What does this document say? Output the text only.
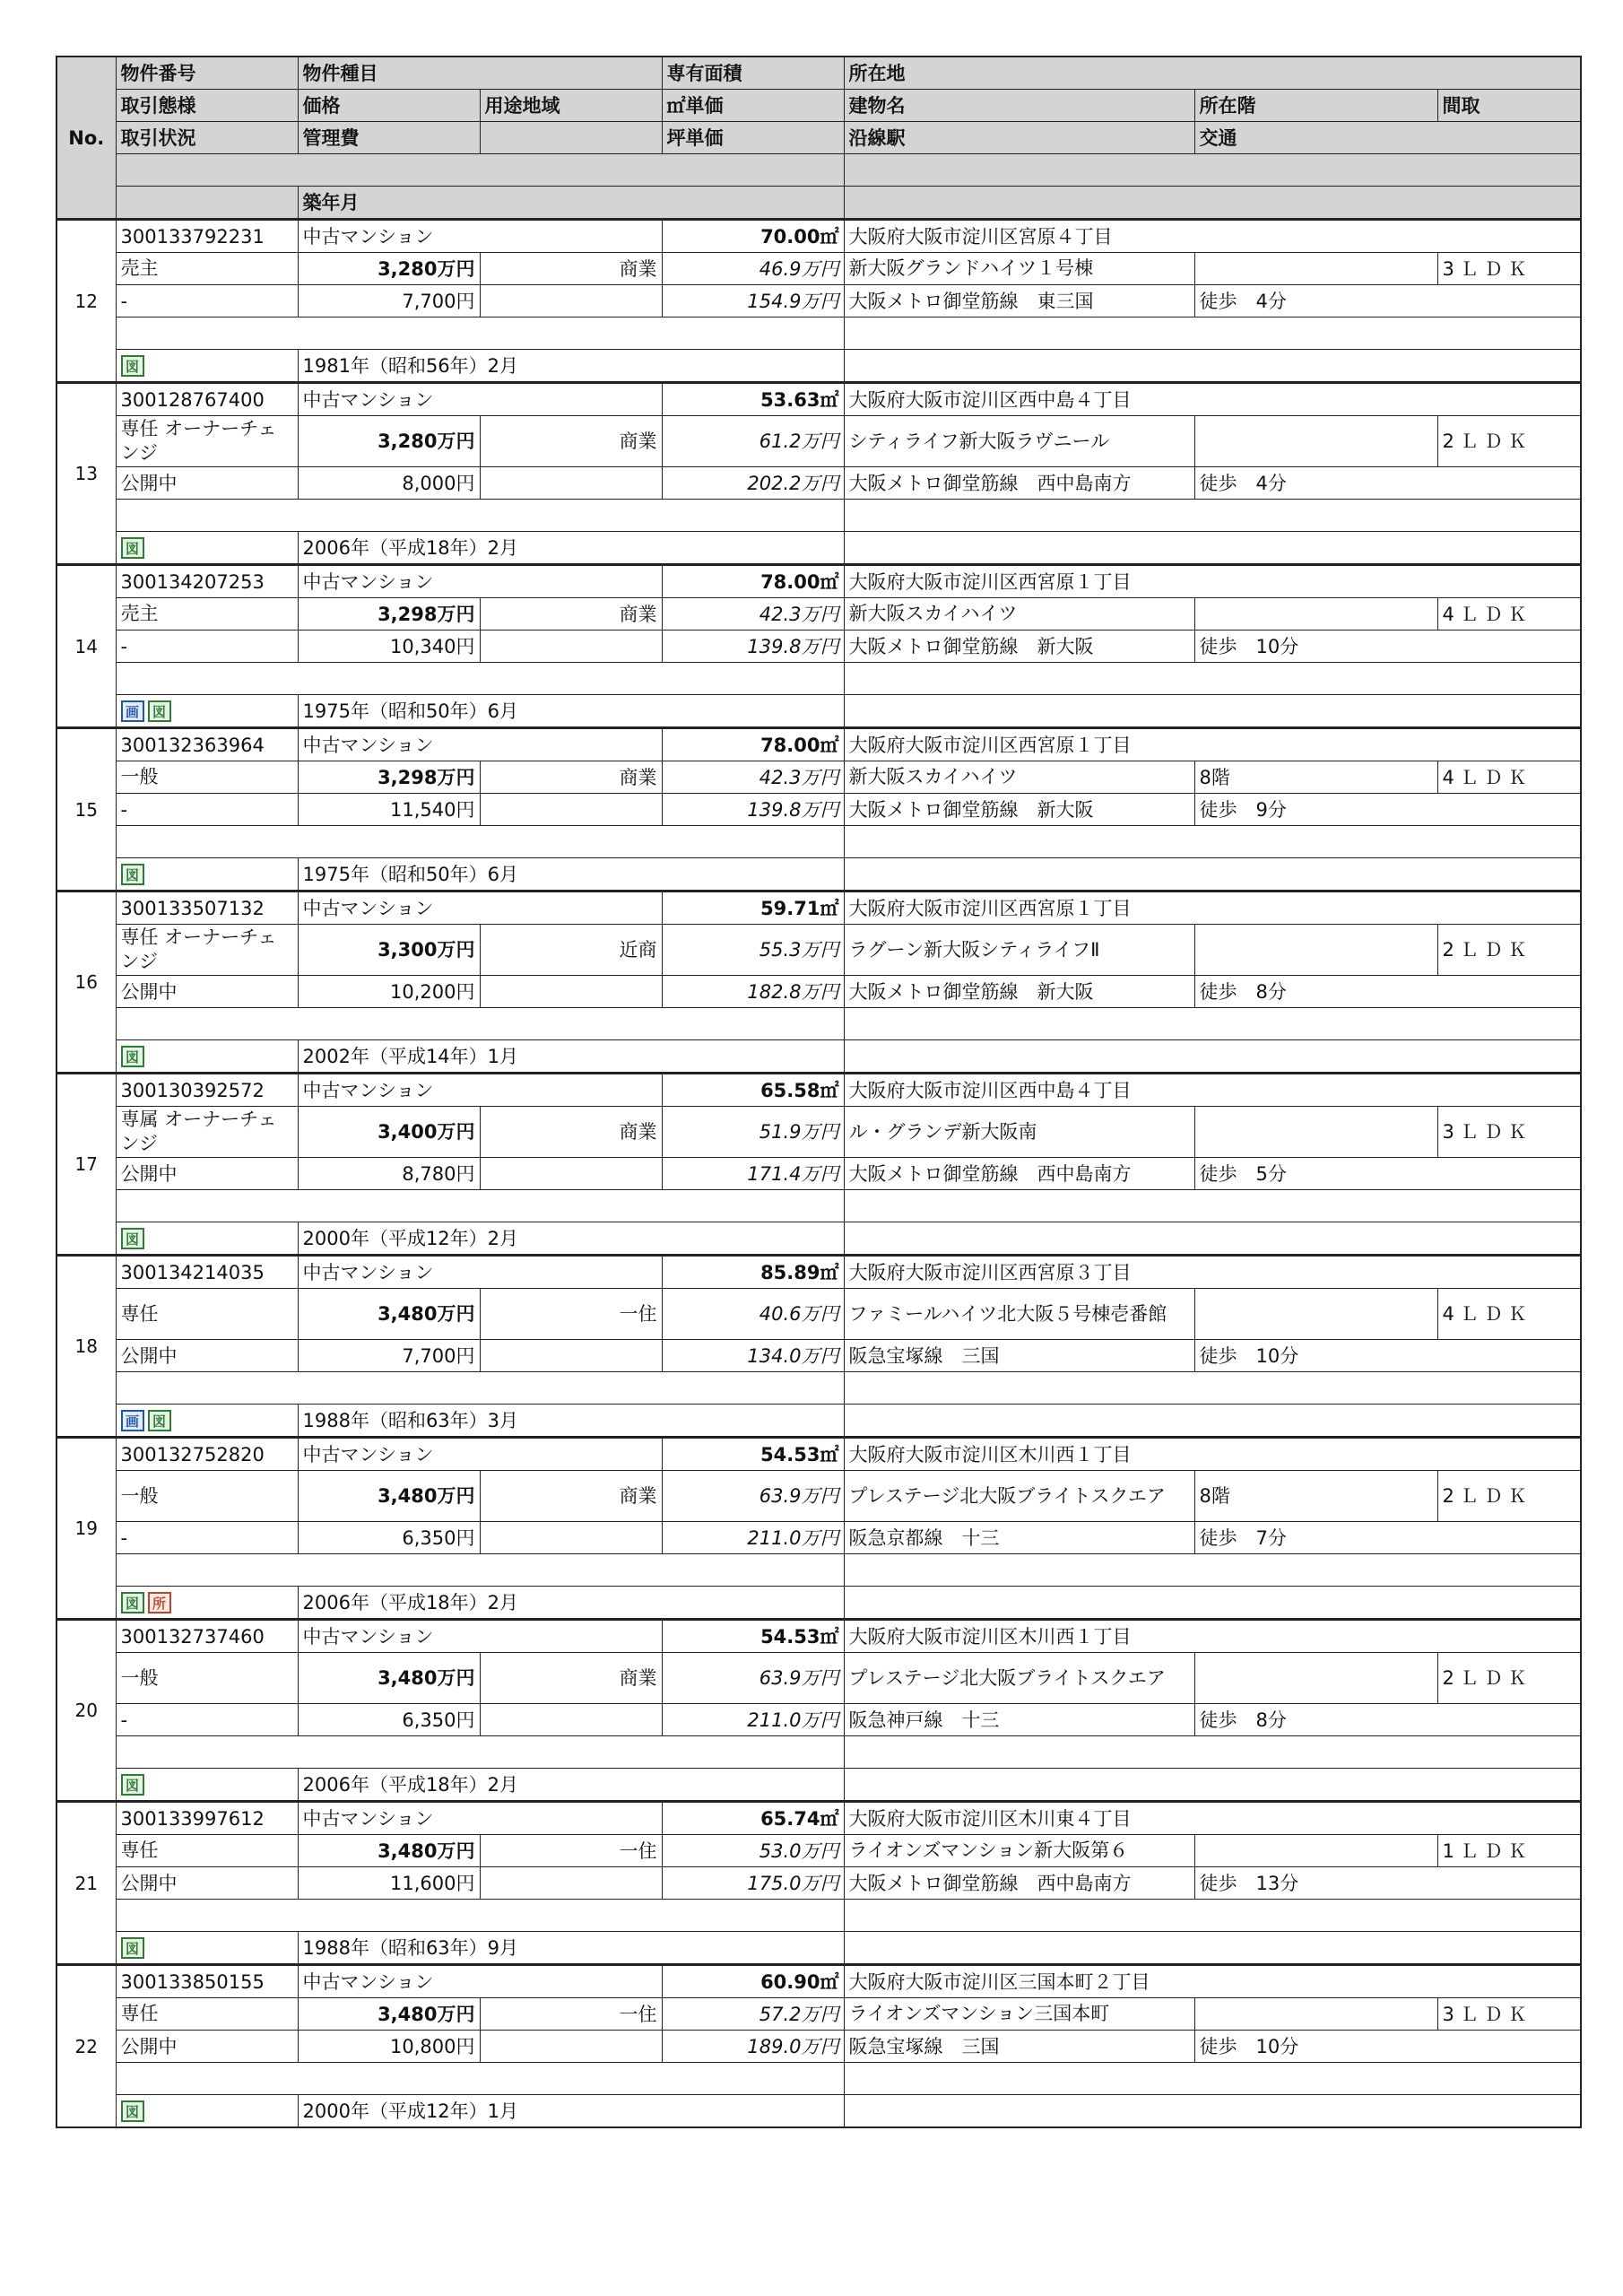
No.	物件番号	物件種目		専有面積	所在地		
	取引態様	価格	用途地域	㎡単価	建物名	所在階	間取
	取引状況	管理費		坪単価	沿線駅	交通	

		築年月					
12	300133792231	中古マンション		70.00㎡	大阪府大阪市淀川区宮原４丁目		
	売主	3,280万円	商業	46.9万円	新大阪グランドハイツ１号棟		3ＬＤＫ
	-	7,700円		154.9万円	大阪メトロ御堂筋線　東三国	徒歩　4分	

	図	1981年（昭和56年）2月					
13	300128767400	中古マンション		53.63㎡	大阪府大阪市淀川区西中島４丁目		
	専任 オーナーチェンジ	3,280万円	商業	61.2万円	シティライフ新大阪ラヴニール		2ＬＤＫ
	公開中	8,000円		202.2万円	大阪メトロ御堂筋線　西中島南方	徒歩　4分	

	図	2006年（平成18年）2月					
14	300134207253	中古マンション		78.00㎡	大阪府大阪市淀川区西宮原１丁目		
	売主	3,298万円	商業	42.3万円	新大阪スカイハイツ		4ＬＤＫ
	-	10,340円		139.8万円	大阪メトロ御堂筋線　新大阪	徒歩　10分	

	画 図	1975年（昭和50年）6月					
15	300132363964	中古マンション		78.00㎡	大阪府大阪市淀川区西宮原１丁目		
	一般	3,298万円	商業	42.3万円	新大阪スカイハイツ	8階	4ＬＤＫ
	-	11,540円		139.8万円	大阪メトロ御堂筋線　新大阪	徒歩　9分	

	図	1975年（昭和50年）6月					
16	300133507132	中古マンション		59.71㎡	大阪府大阪市淀川区西宮原１丁目		
	専任 オーナーチェンジ	3,300万円	近商	55.3万円	ラグーン新大阪シティライフⅡ		2ＬＤＫ
	公開中	10,200円		182.8万円	大阪メトロ御堂筋線　新大阪	徒歩　8分	

	図	2002年（平成14年）1月					
17	300130392572	中古マンション		65.58㎡	大阪府大阪市淀川区西中島４丁目		
	専属 オーナーチェンジ	3,400万円	商業	51.9万円	ル・グランデ新大阪南		3ＬＤＫ
	公開中	8,780円		171.4万円	大阪メトロ御堂筋線　西中島南方	徒歩　5分	

	図	2000年（平成12年）2月					
18	300134214035	中古マンション		85.89㎡	大阪府大阪市淀川区西宮原３丁目		
	専任	3,480万円	一住	40.6万円	ファミールハイツ北大阪５号棟壱番館		4ＬＤＫ
	公開中	7,700円		134.0万円	阪急宝塚線　三国	徒歩　10分	

	画 図	1988年（昭和63年）3月					
19	300132752820	中古マンション		54.53㎡	大阪府大阪市淀川区木川西１丁目		
	一般	3,480万円	商業	63.9万円	プレステージ北大阪ブライトスクエア	8階	2ＬＤＫ
	-	6,350円		211.0万円	阪急京都線　十三	徒歩　7分	

	図 所	2006年（平成18年）2月					
20	300132737460	中古マンション		54.53㎡	大阪府大阪市淀川区木川西１丁目		
	一般	3,480万円	商業	63.9万円	プレステージ北大阪ブライトスクエア		2ＬＤＫ
	-	6,350円		211.0万円	阪急神戸線　十三	徒歩　8分	

	図	2006年（平成18年）2月					
21	300133997612	中古マンション		65.74㎡	大阪府大阪市淀川区木川東４丁目		
	専任	3,480万円	一住	53.0万円	ライオンズマンション新大阪第６		1ＬＤＫ
	公開中	11,600円		175.0万円	大阪メトロ御堂筋線　西中島南方	徒歩　13分	

	図	1988年（昭和63年）9月					
22	300133850155	中古マンション		60.90㎡	大阪府大阪市淀川区三国本町２丁目		
	専任	3,480万円	一住	57.2万円	ライオンズマンション三国本町		3ＬＤＫ
	公開中	10,800円		189.0万円	阪急宝塚線　三国	徒歩　10分	

	図	2000年（平成12年）1月					
